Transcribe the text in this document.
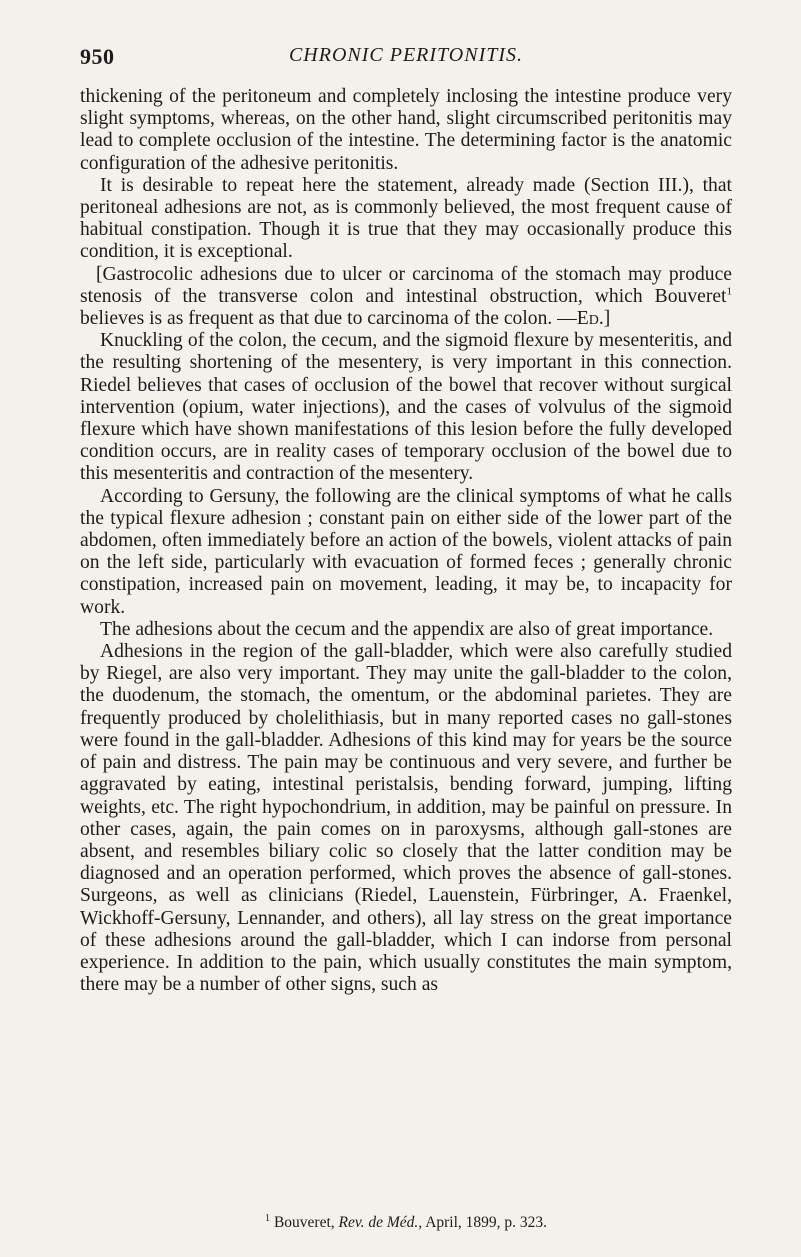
950	CHRONIC PERITONITIS.

thickening of the peritoneum and completely inclosing the intestine produce very slight symptoms, whereas, on the other hand, slight circumscribed peritonitis may lead to complete occlusion of the intestine. The determining factor is the anatomic configuration of the adhesive peritonitis.

It is desirable to repeat here the statement, already made (Section III.), that peritoneal adhesions are not, as is commonly believed, the most frequent cause of habitual constipation. Though it is true that they may occasionally produce this condition, it is exceptional.

[Gastrocolic adhesions due to ulcer or carcinoma of the stomach may produce stenosis of the transverse colon and intestinal obstruction, which Bouveret$^1$ believes is as frequent as that due to carcinoma of the colon. —Ed.]

Knuckling of the colon, the cecum, and the sigmoid flexure by mesenteritis, and the resulting shortening of the mesentery, is very important in this connection. Riedel believes that cases of occlusion of the bowel that recover without surgical intervention (opium, water injections), and the cases of volvulus of the sigmoid flexure which have shown manifestations of this lesion before the fully developed condition occurs, are in reality cases of temporary occlusion of the bowel due to this mesenteritis and contraction of the mesentery.

According to Gersuny, the following are the clinical symptoms of what he calls the typical flexure adhesion ; constant pain on either side of the lower part of the abdomen, often immediately before an action of the bowels, violent attacks of pain on the left side, particularly with evacuation of formed feces ; generally chronic constipation, increased pain on movement, leading, it may be, to incapacity for work.

The adhesions about the cecum and the appendix are also of great importance.

Adhesions in the region of the gall-bladder, which were also carefully studied by Riegel, are also very important. They may unite the gall-bladder to the colon, the duodenum, the stomach, the omentum, or the abdominal parietes. They are frequently produced by cholelithiasis, but in many reported cases no gall-stones were found in the gall-bladder. Adhesions of this kind may for years be the source of pain and distress. The pain may be continuous and very severe, and further be aggravated by eating, intestinal peristalsis, bending forward, jumping, lifting weights, etc. The right hypochondrium, in addition, may be painful on pressure. In other cases, again, the pain comes on in paroxysms, although gall-stones are absent, and resembles biliary colic so closely that the latter condition may be diagnosed and an operation performed, which proves the absence of gall-stones. Surgeons, as well as clinicians (Riedel, Lauenstein, Fürbringer, A. Fraenkel, Wickhoff-Gersuny, Lennander, and others), all lay stress on the great importance of these adhesions around the gall-bladder, which I can indorse from personal experience. In addition to the pain, which usually constitutes the main symptom, there may be a number of other signs, such as

$^1$ Bouveret, Rev. de Méd., April, 1899, p. 323.
